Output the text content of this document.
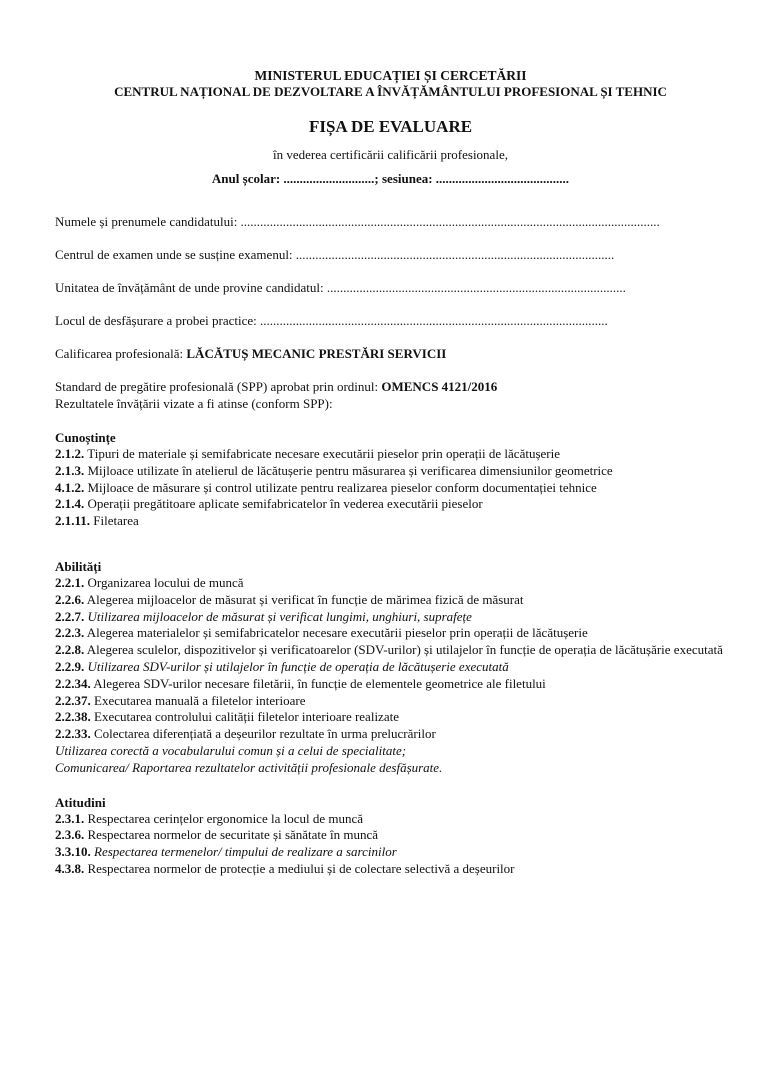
MINISTERUL EDUCAȚIEI ȘI CERCETĂRII
CENTRUL NAȚIONAL DE DEZVOLTARE A ÎNVĂȚĂMÂNTULUI PROFESIONAL ȘI TEHNIC
FIȘA DE EVALUARE
în vederea certificării calificării profesionale,
Anul școlar: ............................; sesiunea: .........................................
Numele și prenumele candidatului: .................................................................................................................................
Centrul de examen unde se susține examenul: ..................................................................................................
Unitatea de învățământ de unde provine candidatul: ............................................................................................
Locul de desfășurare a probei practice: ...........................................................................................................
Calificarea profesională: LĂCĂTUȘ MECANIC PRESTĂRI SERVICII
Standard de pregătire profesională (SPP) aprobat prin ordinul: OMENCS 4121/2016
Rezultatele învățării vizate a fi atinse (conform SPP):
Cunoștințe
2.1.2. Tipuri de materiale și semifabricate necesare executării pieselor prin operații de lăcătușerie
2.1.3. Mijloace utilizate în atelierul de lăcătușerie pentru măsurarea și verificarea dimensiunilor geometrice
4.1.2. Mijloace de măsurare și control utilizate pentru realizarea pieselor conform documentației tehnice
2.1.4. Operații pregătitoare aplicate semifabricatelor în vederea executării pieselor
2.1.11. Filetarea
Abilități
2.2.1. Organizarea locului de muncă
2.2.6. Alegerea mijloacelor de măsurat și verificat în funcție de mărimea fizică de măsurat
2.2.7. Utilizarea mijloacelor de măsurat și verificat lungimi, unghiuri, suprafețe
2.2.3. Alegerea materialelor și semifabricatelor necesare executării pieselor prin operații de lăcătușerie
2.2.8. Alegerea sculelor, dispozitivelor și verificatoarelor (SDV-urilor) și utilajelor în funcție de operația de lăcătușărie executată
2.2.9. Utilizarea SDV-urilor și utilajelor în funcție de operația de lăcătușerie executată
2.2.34. Alegerea SDV-urilor necesare filetării, în funcție de elementele geometrice ale filetului
2.2.37. Executarea manuală a filetelor interioare
2.2.38. Executarea controlului calității filetelor interioare realizate
2.2.33. Colectarea diferențiată a deșeurilor rezultate în urma prelucrărilor
Utilizarea corectă a vocabularului comun și a celui de specialitate;
Comunicarea/ Raportarea rezultatelor activității profesionale desfășurate.
Atitudini
2.3.1. Respectarea cerințelor ergonomice la locul de muncă
2.3.6. Respectarea normelor de securitate și sănătate în muncă
3.3.10. Respectarea termenelor/ timpului de realizare a sarcinilor
4.3.8. Respectarea normelor de protecție a mediului și de colectare selectivă a deșeurilor
